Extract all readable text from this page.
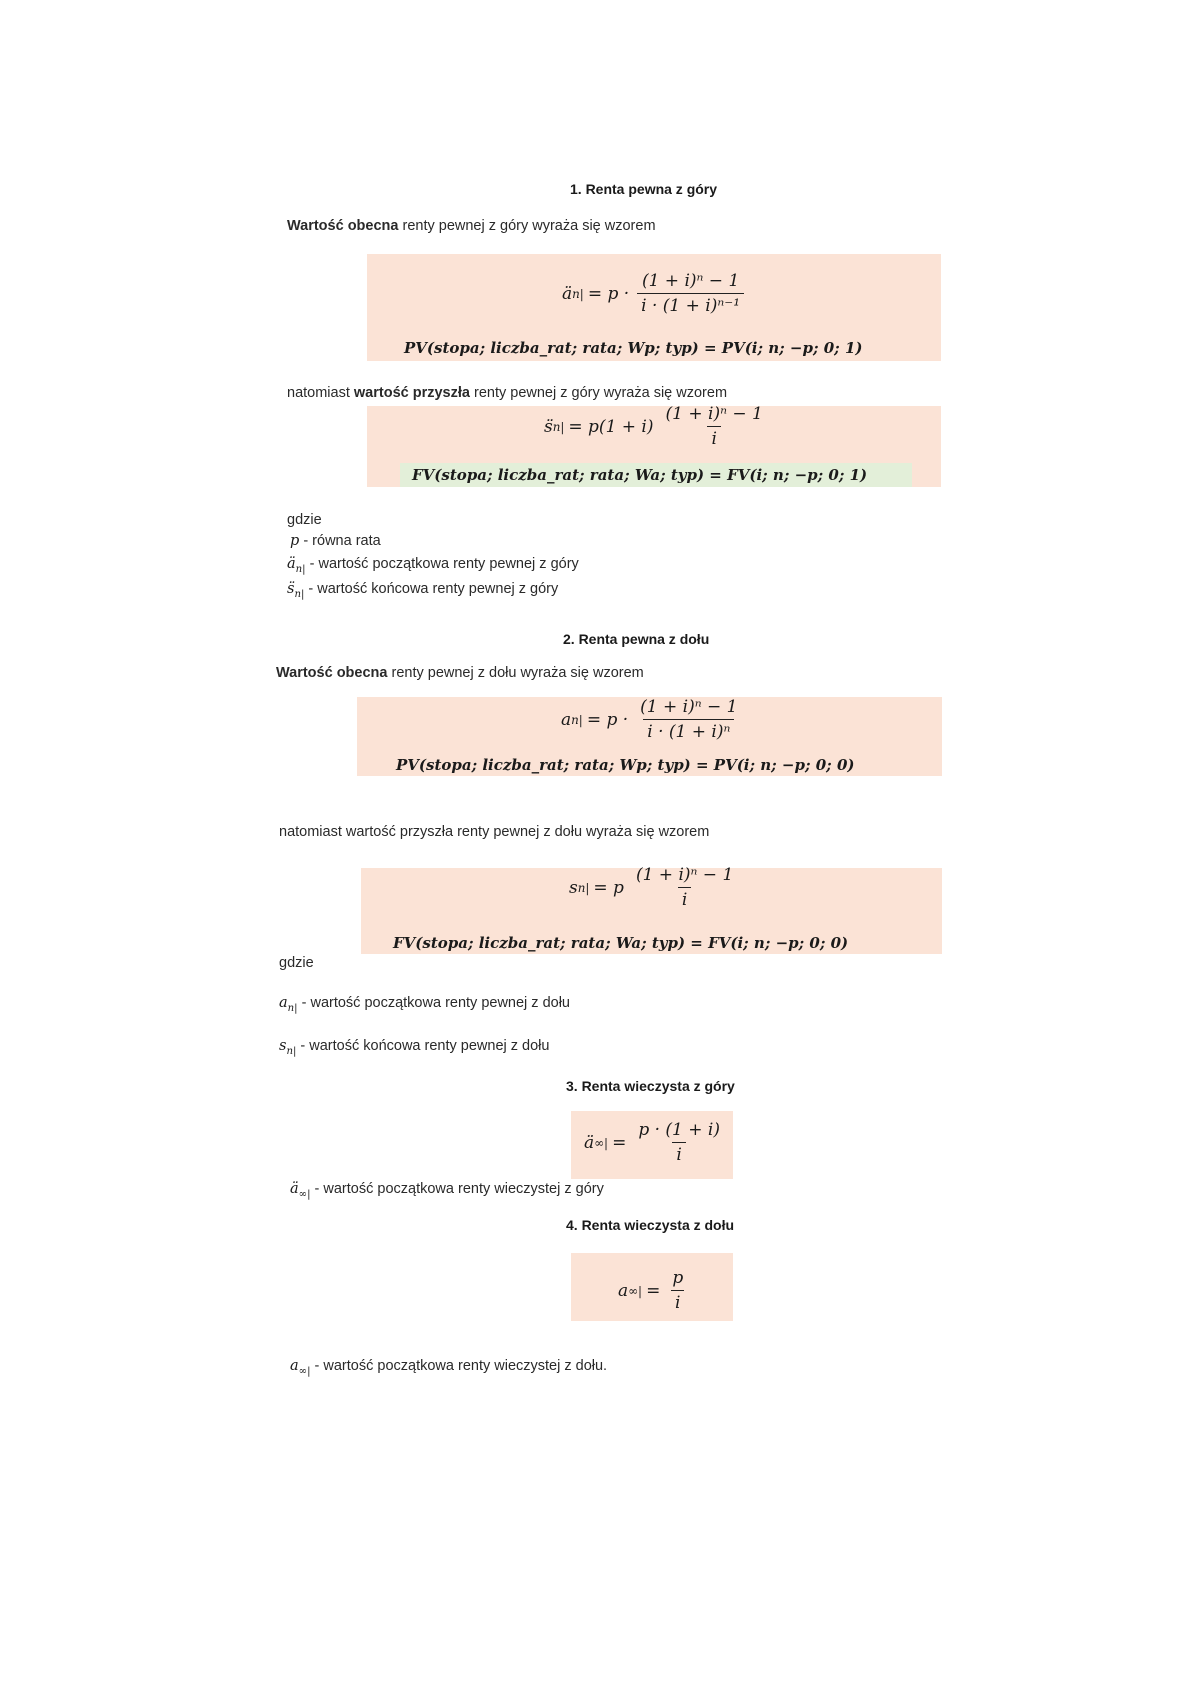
1. Renta pewna z góry
Wartość obecna renty pewnej z góry wyraża się wzorem
ä $n| = p \cdot \frac{\text{(1 + i)ⁿ − 1}}{\text{i · (1 + i)ⁿ⁻¹}}$
PV(stopa; liczba_rat; rata; Wp; typ) = PV(i; n; −p; 0; 1)
natomiast wartość przyszła renty pewnej z góry wyraża się wzorem
s̈ $n| = p(1 + i) \frac{\text{(1 + i)ⁿ − 1}}{i}$
FV(stopa; liczba_rat; rata; Wa; typ) = FV(i; n; −p; 0; 1)
gdzie
p - równa rata
$ä_{n|}$ - wartość początkowa renty pewnej z góry
$s̈_{n|}$ - wartość końcowa renty pewnej z góry
2. Renta pewna z dołu
Wartość obecna renty pewnej z dołu wyraża się wzorem
a $n| = p \cdot \frac{\text{(1 + i)ⁿ − 1}}{\text{i · (1 + i)ⁿ}}$
PV(stopa; liczba_rat; rata; Wp; typ) = PV(i; n; −p; 0; 0)
natomiast wartość przyszła renty pewnej z dołu wyraża się wzorem
s n| = p $\frac{\text{(1 + i)ⁿ − 1}}{i}$
FV(stopa; liczba_rat; rata; Wa; typ) = FV(i; n; −p; 0; 0)
gdzie
$a_{n|}$ - wartość początkowa renty pewnej z dołu
$s_{n|}$ - wartość końcowa renty pewnej z dołu
3. Renta wieczysta z góry
ä ∞| = $\frac{p \cdot (1 + i)}{i}$
$ä_{\infty|}$ - wartość początkowa renty wieczystej z góry
4. Renta wieczysta z dołu
a ∞| = $\frac{p}{i}$
$a_{\infty|}$ - wartość początkowa renty wieczystej z dołu.
